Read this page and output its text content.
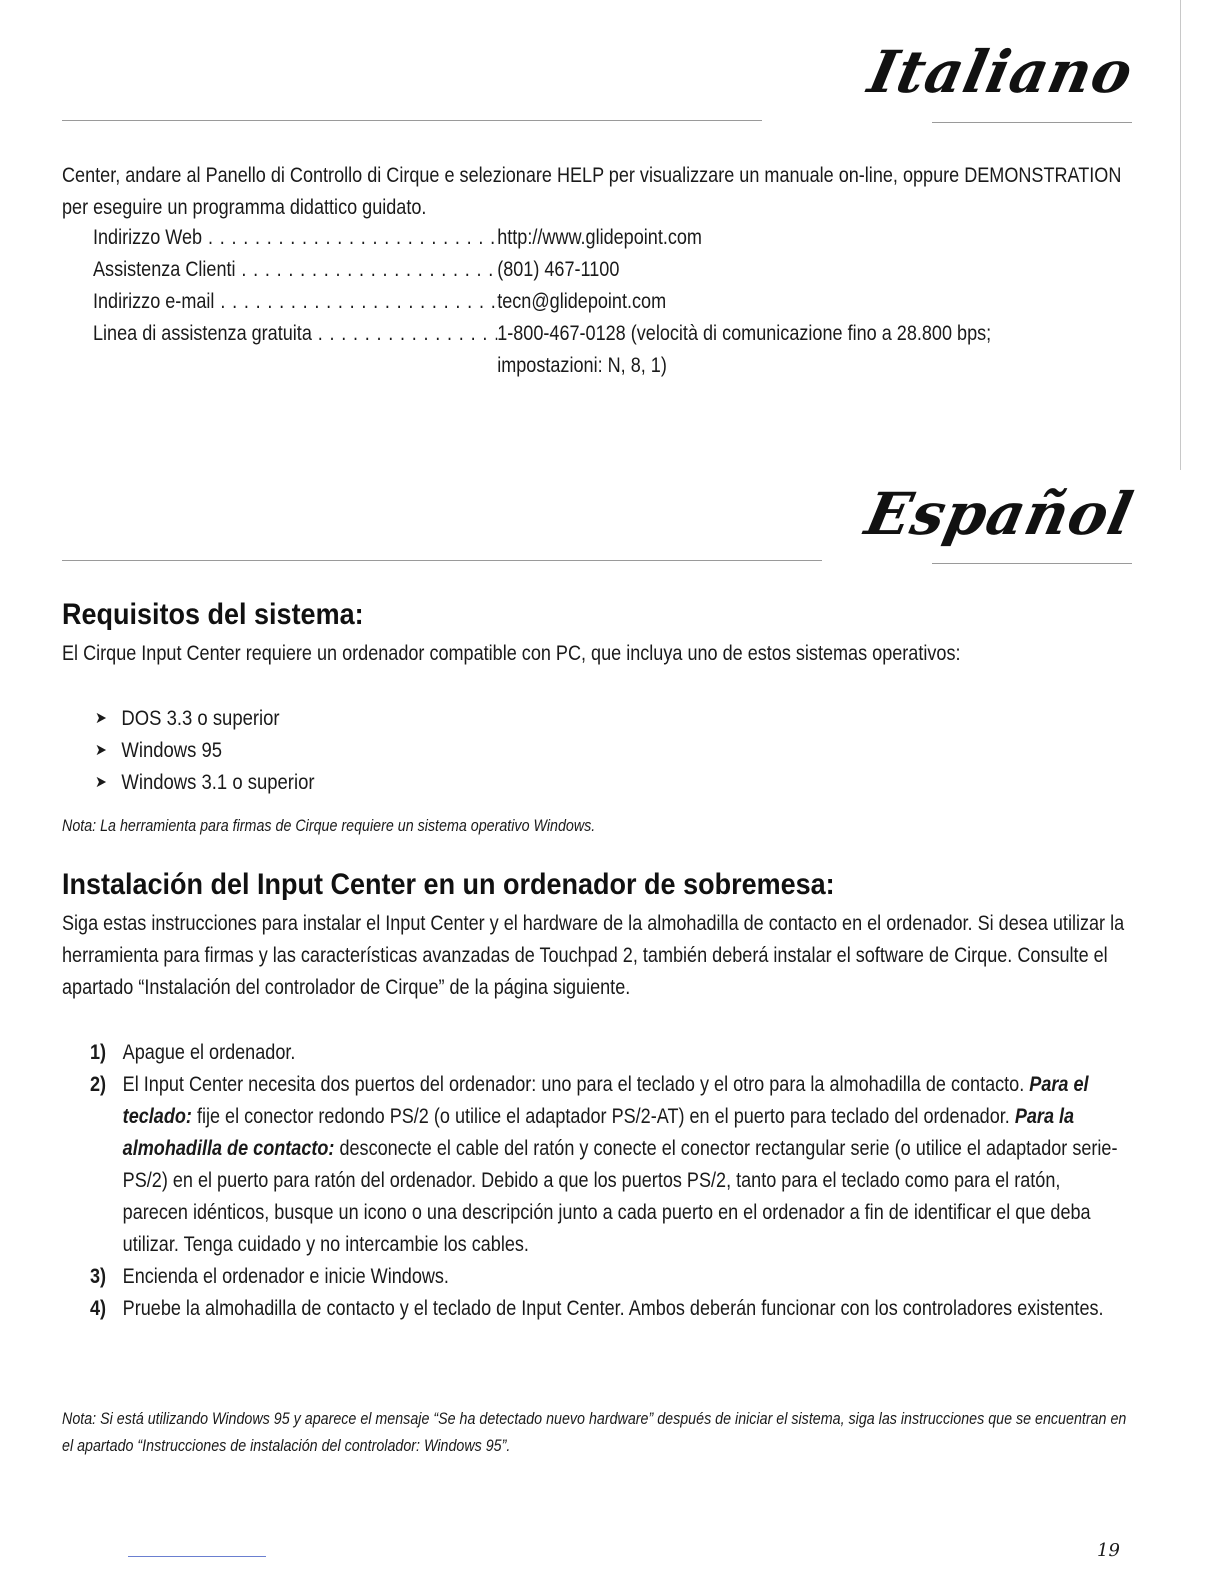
Italiano
Center, andare al Panello di Controllo di Cirque e selezionare HELP per visualizzare un manuale on-line, oppure DEMONSTRATION per eseguire un programma didattico guidato.
Indirizzo Web . . .	http://www.glidepoint.com
Assistenza Clienti . . .	(801) 467-1100
Indirizzo e-mail . . .	tecn@glidepoint.com
Linea di assistenza gratuita . . .	1-800-467-0128 (velocità di comunicazione fino a 28.800 bps;
impostazioni: N, 8, 1)
Español
Requisitos del sistema:
El Cirque Input Center requiere un ordenador compatible con PC, que incluya uno de estos sistemas operativos:
➤ DOS 3.3 o superior
➤ Windows 95
➤ Windows 3.1 o superior
Nota: La herramienta para firmas de Cirque requiere un sistema operativo Windows.
Instalación del Input Center en un ordenador de sobremesa:
Siga estas instrucciones para instalar el Input Center y el hardware de la almohadilla de contacto en el ordenador. Si desea utilizar la herramienta para firmas y las características avanzadas de Touchpad 2, también deberá instalar el software de Cirque. Consulte el apartado “Instalación del controlador de Cirque” de la página siguiente.
1) Apague el ordenador.
2) El Input Center necesita dos puertos del ordenador: uno para el teclado y el otro para la almohadilla de contacto. Para el teclado: fije el conector redondo PS/2 (o utilice el adaptador PS/2-AT) en el puerto para teclado del ordenador. Para la almohadilla de contacto: desconecte el cable del ratón y conecte el conector rectangular serie (o utilice el adaptador serie-PS/2) en el puerto para ratón del ordenador. Debido a que los puertos PS/2, tanto para el teclado como para el ratón, parecen idénticos, busque un icono o una descripción junto a cada puerto en el ordenador a fin de identificar el que deba utilizar. Tenga cuidado y no intercambie los cables.
3) Encienda el ordenador e inicie Windows.
4) Pruebe la almohadilla de contacto y el teclado de Input Center. Ambos deberán funcionar con los controladores existentes.
Nota: Si está utilizando Windows 95 y aparece el mensaje “Se ha detectado nuevo hardware” después de iniciar el sistema, siga las instrucciones que se encuentran en el apartado “Instrucciones de instalación del controlador: Windows 95”.
19
